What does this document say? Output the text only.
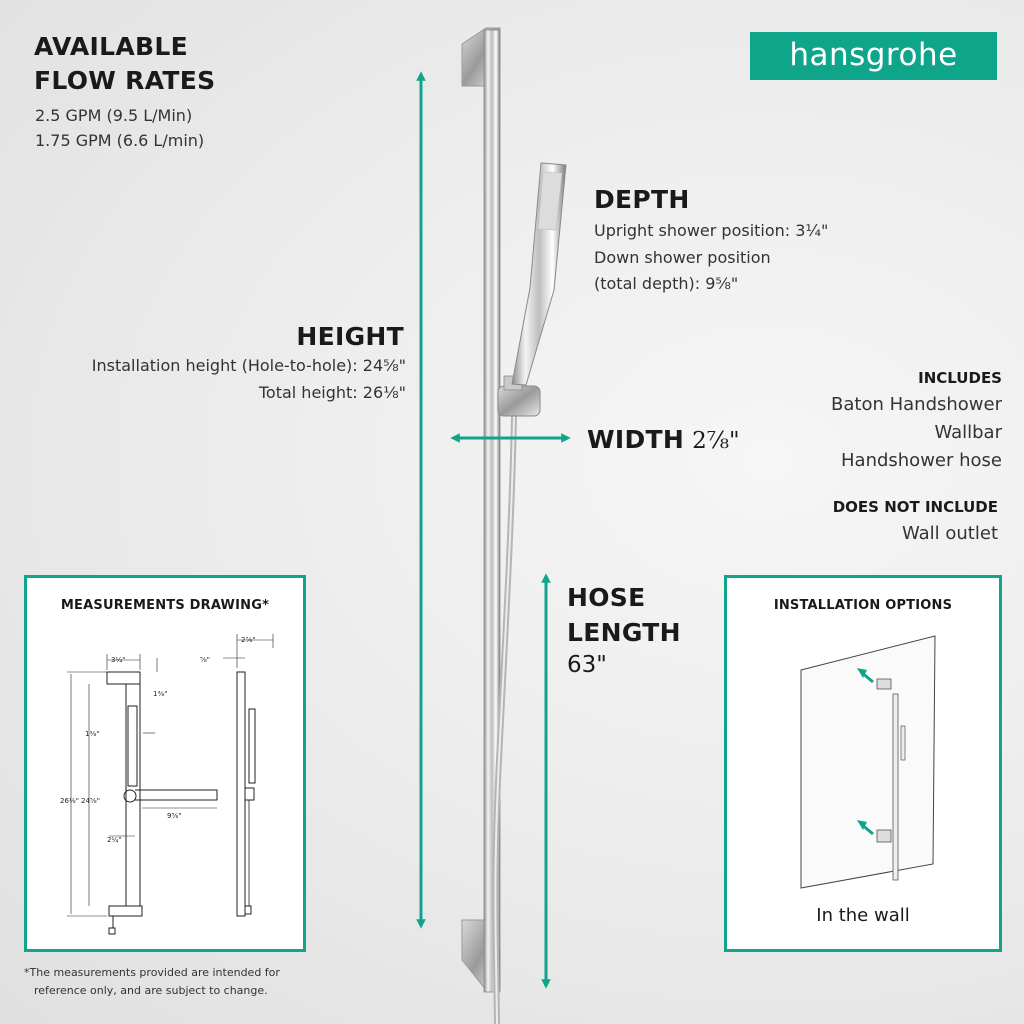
hansgrohe
AVAILABLE
FLOW RATES
2.5 GPM (9.5 L/Min)
1.75 GPM (6.6 L/min)
DEPTH
Upright shower position: 3¼"
Down shower position
(total depth): 9⅝"
HEIGHT
Installation height (Hole-to-hole): 24⅝"
Total height: 26⅛"
WIDTH 2⅞"
HOSE
LENGTH
63"
INCLUDES
Baton Handshower
Wallbar
Handshower hose
DOES NOT INCLUDE
Wall outlet
MEASUREMENTS DRAWING*
3¼"
1⅜"
1⅜"
26⅛" 24⅝"
9⅝"
2¼"
2⅞"
⅝"
INSTALLATION OPTIONS
In the wall
*The measurements provided are intended for
reference only, and are subject to change.
